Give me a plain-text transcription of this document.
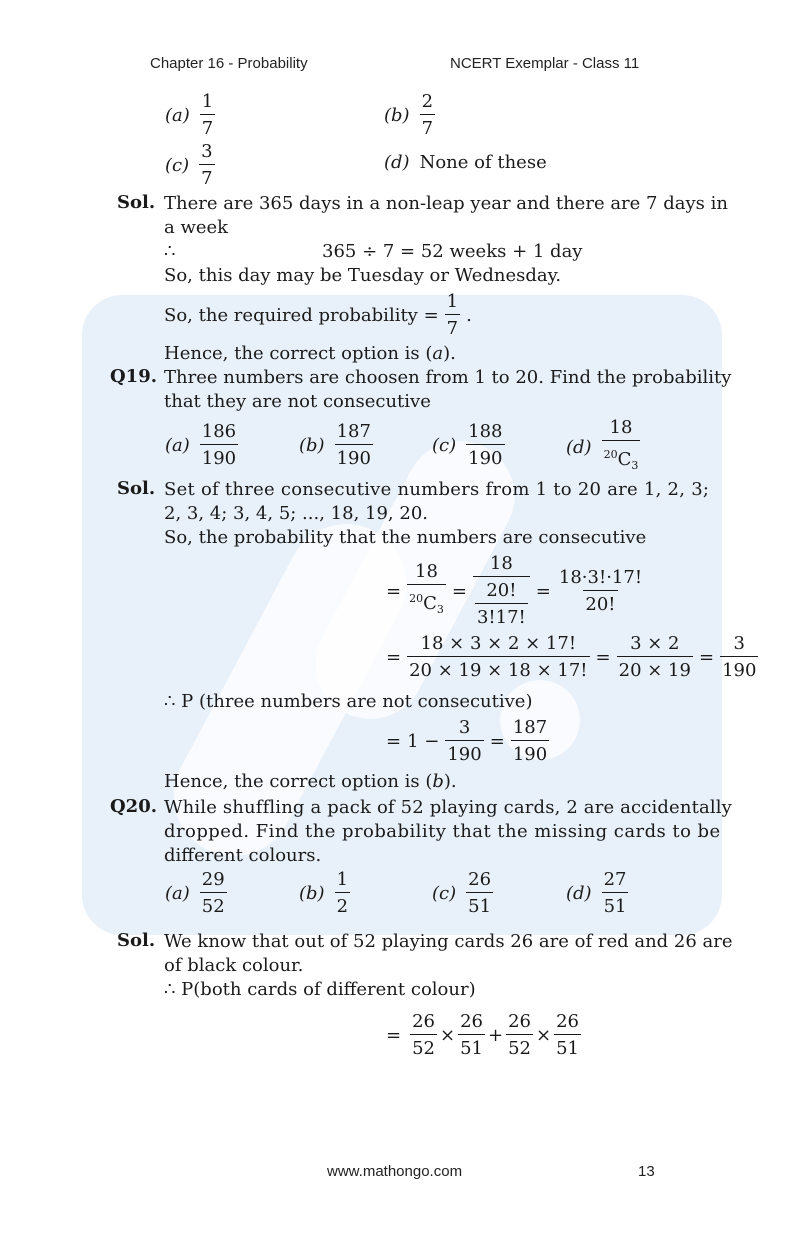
Chapter 16 - Probability	NCERT Exemplar - Class 11
$(a) \frac{1}{7}$	$(b) \frac{2}{7}$
$(c) \frac{3}{7}$	(d) None of these
Sol. There are 365 days in a non-leap year and there are 7 days in
a week
∴	365 ÷ 7 = 52 weeks + 1 day
So, this day may be Tuesday or Wednesday.
So, the required probability = $\frac{1}{7}$ .
Hence, the correct option is (a).
Q19. Three numbers are choosen from 1 to 20. Find the probability
that they are not consecutive
$(a) \frac{186}{190}$	$(b) \frac{187}{190}$	$(c) \frac{188}{190}$	$(d) \frac{18}{^{20}C_3}$
Sol. Set of three consecutive numbers from 1 to 20 are 1, 2, 3;
2, 3, 4; 3, 4, 5; ..., 18, 19, 20.
So, the probability that the numbers are consecutive
= $\frac{18}{^{20}C_3} = \frac{18}{\frac{20!}{3!17!}} = \frac{18\cdot 3!\cdot 17!}{20!}$
= $\frac{18 \times 3 \times 2 \times 17!}{20 \times 19 \times 18 \times 17!} = \frac{3 \times 2}{20 \times 19} = \frac{3}{190}$
∴ P (three numbers are not consecutive)
= $1 - \frac{3}{190} = \frac{187}{190}$
Hence, the correct option is (b).
Q20. While shuffling a pack of 52 playing cards, 2 are accidentally
dropped. Find the probability that the missing cards to be
different colours.
$(a) \frac{29}{52}$	$(b) \frac{1}{2}$	$(c) \frac{26}{51}$	$(d) \frac{27}{51}$
Sol. We know that out of 52 playing cards 26 are of red and 26 are
of black colour.
∴ P(both cards of different colour)
= $\frac{26}{52} \times \frac{26}{51} + \frac{26}{52} \times \frac{26}{51}$
www.mathongo.com	13
